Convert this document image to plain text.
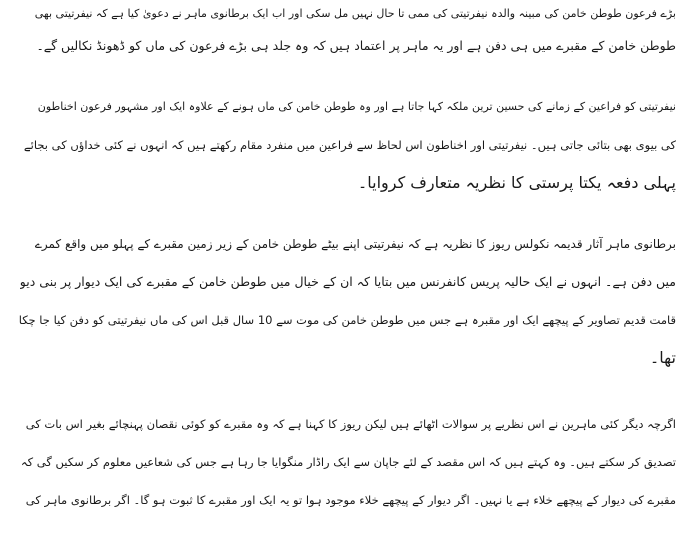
بڑے فرعون طوطن خامن کی مبینہ والدہ نیفرتیتی کی ممی تا حال نہیں مل سکی اور اب ایک برطانوی ماہر نے دعویٰ کیا ہے کہ نیفرتیتی بھی
طوطن خامن کے مقبرے میں ہی دفن ہے اور یہ ماہر پر اعتماد ہیں کہ وہ جلد ہی بڑے فرعون کی ماں کو ڈھونڈ نکالیں گے۔
نیفرتیتی کو فراعین کے زمانے کی حسین ترین ملکہ کہا جاتا ہے اور وہ طوطن خامن کی ماں ہونے کے علاوہ ایک اور مشہور فرعون اخناطون
کی بیوی بھی بتائی جاتی ہیں۔ نیفرتیتی اور اخناطون اس لحاظ سے فراعین میں منفرد مقام رکھتے ہیں کہ انہوں نے کئی خداؤں کی بجائے
پہلی دفعہ یکتا پرستی کا نظریہ متعارف کروایا۔
برطانوی ماہر آثار قدیمہ نکولس ریوز کا نظریہ ہے کہ نیفرتیتی اپنے بیٹے طوطن خامن کے زیر زمین مقبرے کے پہلو میں واقع کمرے
میں دفن ہے۔ انہوں نے ایک حالیہ پریس کانفرنس میں بتایا کہ ان کے خیال میں طوطن خامن کے مقبرے کی ایک دیوار پر بنی دیو
قامت قدیم تصاویر کے پیچھے ایک اور مقبرہ ہے جس میں طوطن خامن کی موت سے 10 سال قبل اس کی ماں نیفرتیتی کو دفن کیا جا چکا
تھا۔
اگرچہ دیگر کئی ماہرین نے اس نظریے پر سوالات اٹھائے ہیں لیکن ریوز کا کہنا ہے کہ وہ مقبرے کو کوئی نقصان پہنچائے بغیر اس بات کی
تصدیق کر سکتے ہیں۔ وہ کہتے ہیں کہ اس مقصد کے لئے جاپان سے ایک راڈار منگوایا جا رہا ہے جس کی شعاعیں معلوم کر سکیں گی کہ
مقبرے کی دیوار کے پیچھے خلاء ہے یا نہیں۔ اگر دیوار کے پیچھے خلاء موجود ہوا تو یہ ایک اور مقبرے کا ثبوت ہو گا۔ اگر برطانوی ماہر کی
